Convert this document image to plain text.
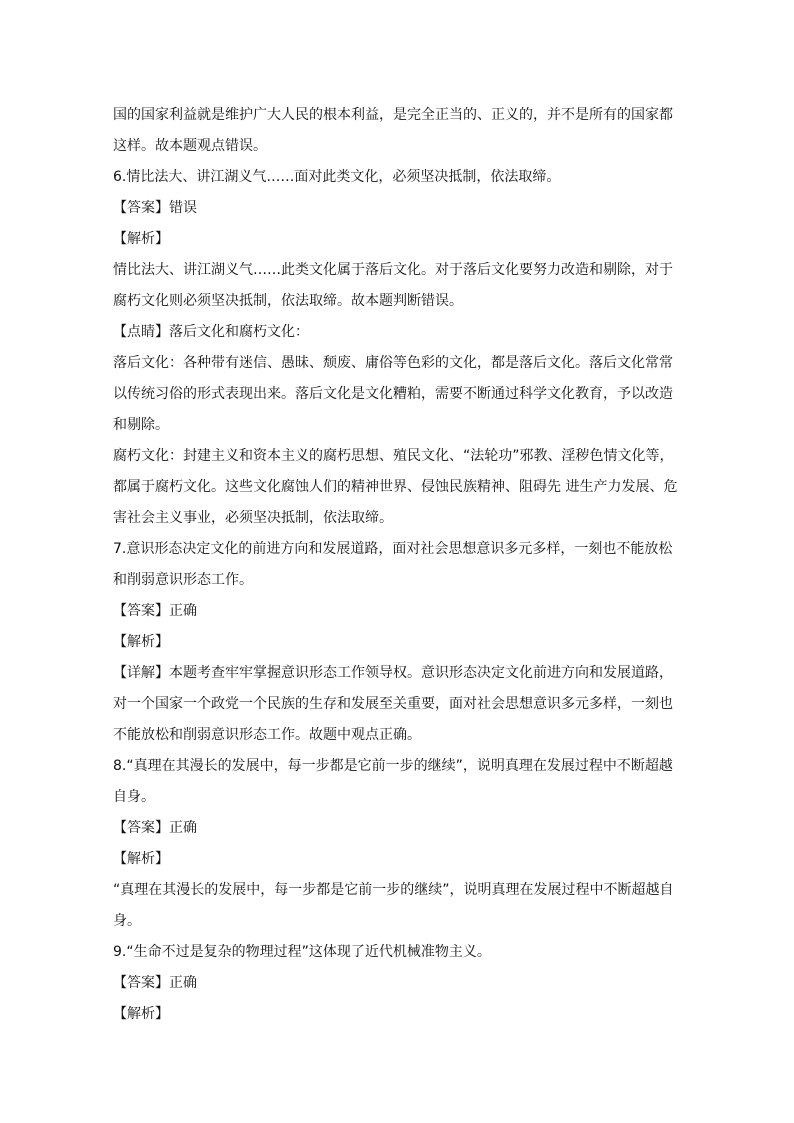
国的国家利益就是维护广大人民的根本利益，是完全正当的、正义的，并不是所有的国家都
这样。故本题观点错误。
6.情比法大、讲江湖义气……面对此类文化，必须坚决抵制，依法取缔。
【答案】错误
【解析】
情比法大、讲江湖义气……此类文化属于落后文化。对于落后文化要努力改造和剔除，对于
腐朽文化则必须坚决抵制，依法取缔。故本题判断错误。
【点睛】落后文化和腐朽文化：
落后文化：各种带有迷信、愚昧、颓废、庸俗等色彩的文化，都是落后文化。落后文化常常
以传统习俗的形式表现出来。落后文化是文化糟粕，需要不断通过科学文化教育，予以改造
和剔除。
腐朽文化：封建主义和资本主义的腐朽思想、殖民文化、“法轮功”邪教、淫秽色情文化等，
都属于腐朽文化。这些文化腐蚀人们的精神世界、侵蚀民族精神、阻碍先 进生产力发展、危
害社会主义事业，必须坚决抵制，依法取缔。
7.意识形态决定文化的前进方向和发展道路，面对社会思想意识多元多样，一刻也不能放松
和削弱意识形态工作。
【答案】正确
【解析】
【详解】本题考查牢牢掌握意识形态工作领导权。意识形态决定文化前进方向和发展道路，
对一个国家一个政党一个民族的生存和发展至关重要，面对社会思想意识多元多样，一刻也
不能放松和削弱意识形态工作。故题中观点正确。
8.“真理在其漫长的发展中，每一步都是它前一步的继续”，说明真理在发展过程中不断超越
自身。
【答案】正确
【解析】
“真理在其漫长的发展中，每一步都是它前一步的继续”，说明真理在发展过程中不断超越自
身。
9.“生命不过是复杂的物理过程”这体现了近代机械准物主义。
【答案】正确
【解析】
